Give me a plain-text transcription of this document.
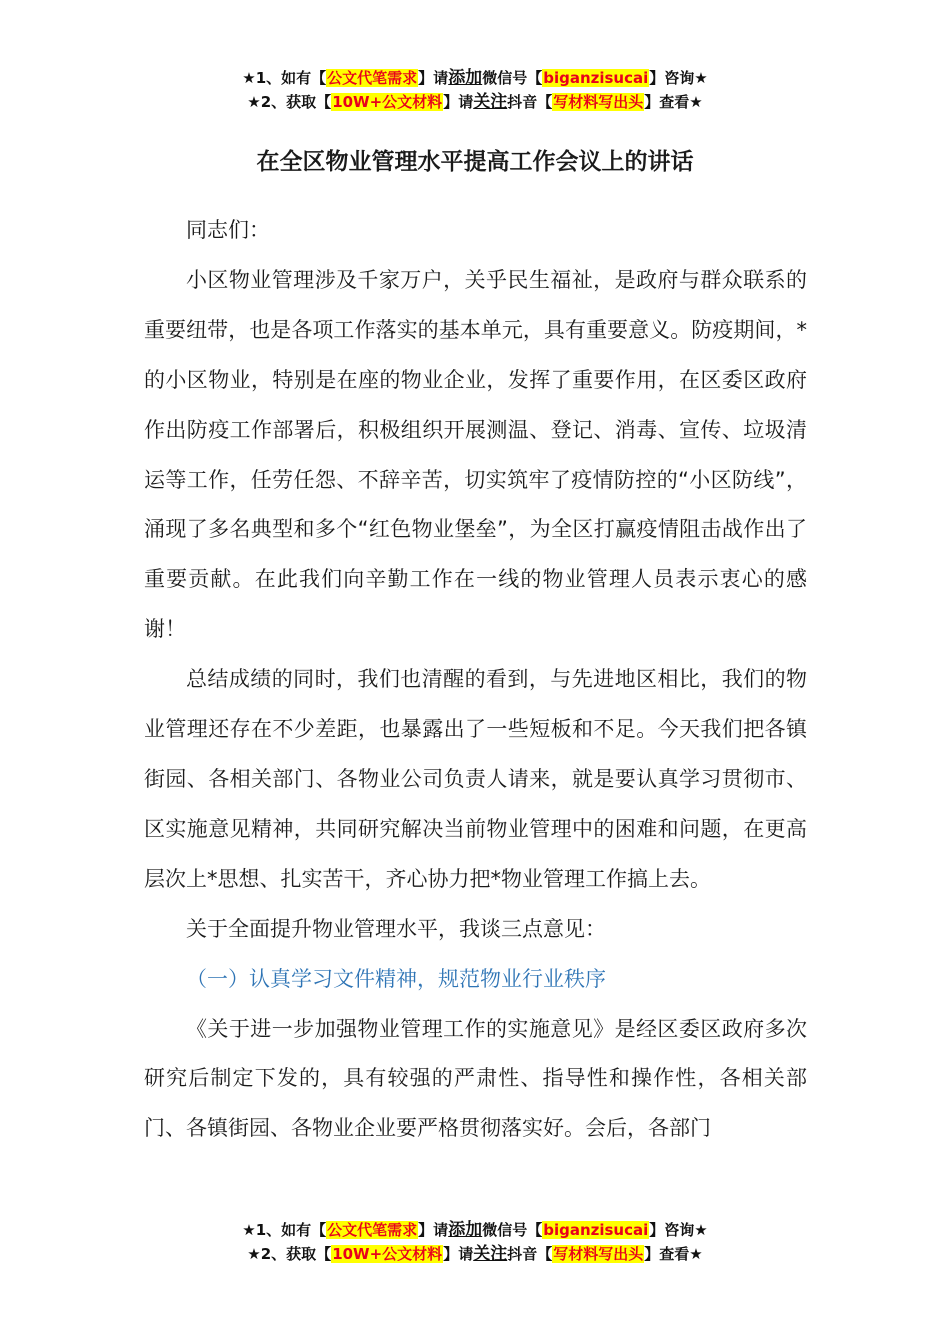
★1、如有【公文代笔需求】请添加微信号【biganzisucai】咨询★
★2、获取【10W+公文材料】请关注抖音【写材料写出头】查看★
在全区物业管理水平提高工作会议上的讲话

同志们：

小区物业管理涉及千家万户，关乎民生福祉，是政府与群众联系的重要纽带，也是各项工作落实的基本单元，具有重要意义。防疫期间，*的小区物业，特别是在座的物业企业，发挥了重要作用，在区委区政府作出防疫工作部署后，积极组织开展测温、登记、消毒、宣传、垃圾清运等工作，任劳任怨、不辞辛苦，切实筑牢了疫情防控的“小区防线”，涌现了多名典型和多个“红色物业堡垒”，为全区打赢疫情阻击战作出了重要贡献。在此我们向辛勤工作在一线的物业管理人员表示衷心的感谢！

总结成绩的同时，我们也清醒的看到，与先进地区相比，我们的物业管理还存在不少差距，也暴露出了一些短板和不足。今天我们把各镇街园、各相关部门、各物业公司负责人请来，就是要认真学习贯彻市、区实施意见精神，共同研究解决当前物业管理中的困难和问题，在更高层次上*思想、扎实苦干，齐心协力把*物业管理工作搞上去。

关于全面提升物业管理水平，我谈三点意见：

（一）认真学习文件精神，规范物业行业秩序

《关于进一步加强物业管理工作的实施意见》是经区委区政府多次研究后制定下发的，具有较强的严肃性、指导性和操作性，各相关部门、各镇街园、各物业企业要严格贯彻落实好。会后，各部门

★1、如有【公文代笔需求】请添加微信号【biganzisucai】咨询★
★2、获取【10W+公文材料】请关注抖音【写材料写出头】查看★
